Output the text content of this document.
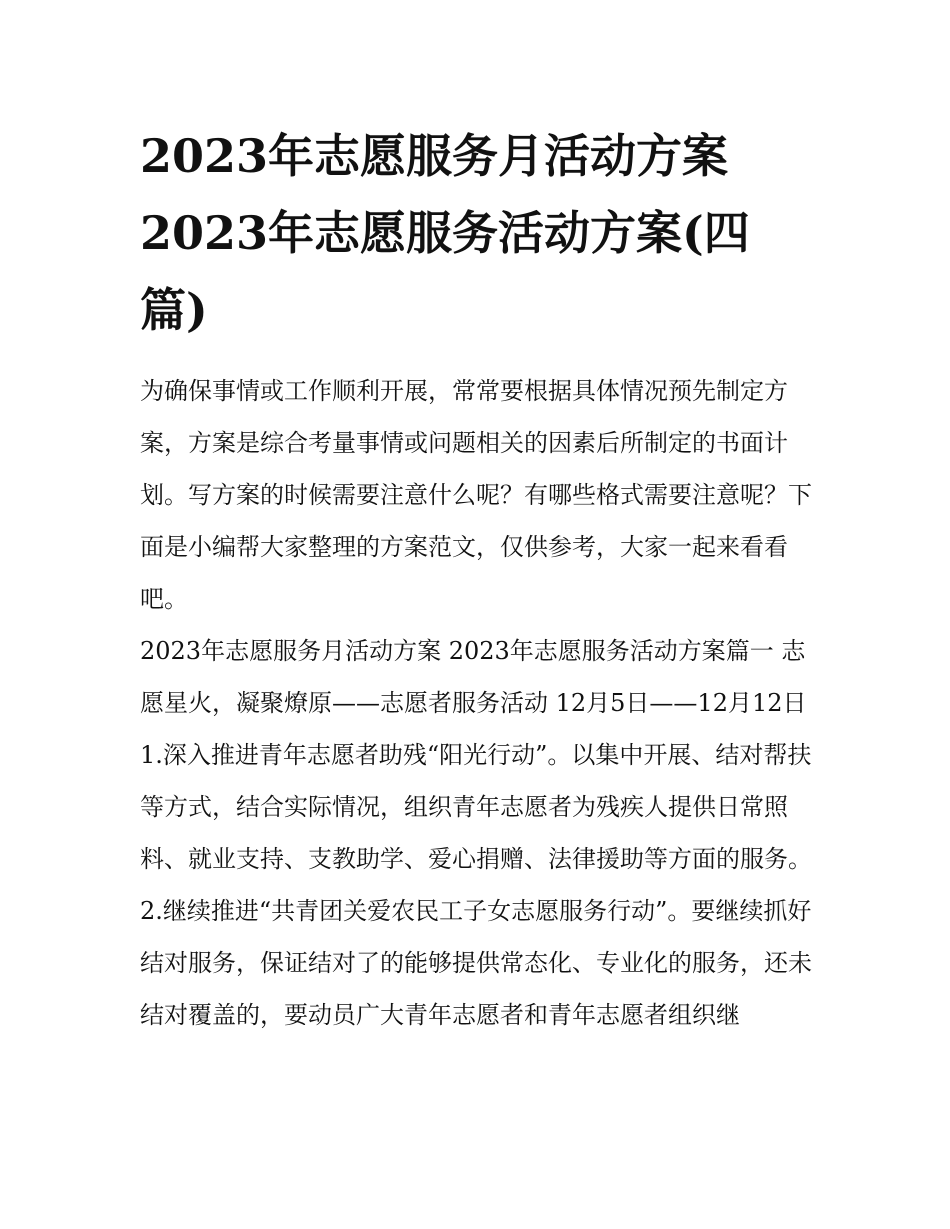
2023年志愿服务月活动方案 2023年志愿服务活动方案(四篇)

为确保事情或工作顺利开展，常常要根据具体情况预先制定方案，方案是综合考量事情或问题相关的因素后所制定的书面计划。写方案的时候需要注意什么呢？有哪些格式需要注意呢？下面是小编帮大家整理的方案范文，仅供参考，大家一起来看看吧。

2023年志愿服务月活动方案 2023年志愿服务活动方案篇一 志愿星火，凝聚燎原——志愿者服务活动 12月5日——12月12日

1.深入推进青年志愿者助残“阳光行动”。以集中开展、结对帮扶等方式，结合实际情况，组织青年志愿者为残疾人提供日常照料、就业支持、支教助学、爱心捐赠、法律援助等方面的服务。

2.继续推进“共青团关爱农民工子女志愿服务行动”。要继续抓好结对服务，保证结对了的能够提供常态化、专业化的服务，还未结对覆盖的，要动员广大青年志愿者和青年志愿者组织继
